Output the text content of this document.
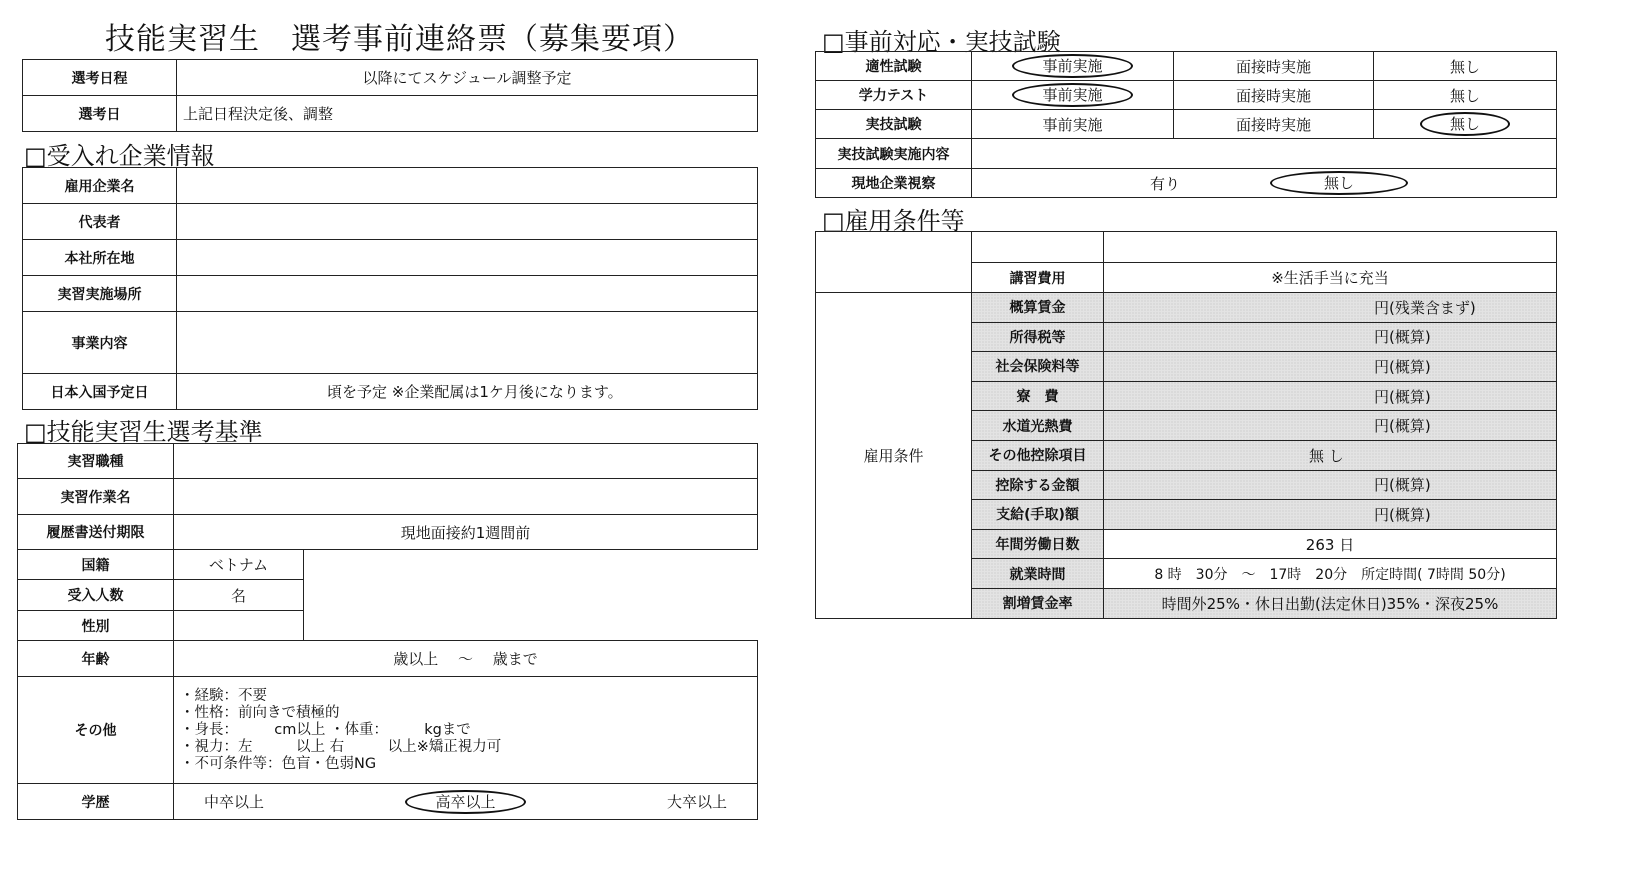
技能実習生　選考事前連絡票（募集要項）
選考日程	以降にてスケジュール調整予定
選考日	上記日程決定後、調整
□受入れ企業情報
雇用企業名	
代表者	
本社所在地	
実習実施場所	
事業内容	
日本入国予定日	頃を予定 ※企業配属は1ケ月後になります。
□技能実習生選考基準
実習職種		
実習作業名		
履歴書送付期限	現地面接約1週間前	
国籍	ベトナム	
受入人数	名	
性別		
年齢	歳以上　 ～　 歳まで	
その他	・経験：不要
・性格：前向きで積極的
・身長：　　　cm以上 ・体重：　　　kgまで
・視力：左　　　以上 右　　　以上※矯正視力可
・不可条件等：色盲・色弱NG	

学歴	中卒以上 高卒以上 大卒以上	
□事前対応・実技試験
適性試験	事前実施	面接時実施	無し
学力テスト	事前実施	面接時実施	無し
実技試験	事前実施	面接時実施	無し
実技試験実施内容			
現地企業視察	有り 無し		
□雇用条件等

	講習費用	※生活手当に充当
雇用条件	概算賃金	円(残業含まず)
	所得税等	円(概算)
	社会保険料等	円(概算)
	寮　費	円(概算)
	水道光熱費	円(概算)
	その他控除項目	無 し
	控除する金額	円(概算)
	支給(手取)額	円(概算)
	年間労働日数	263 日
	就業時間	8 時　30分　～　17時　20分　所定時間( 7時間 50分)
	割増賃金率	時間外25%・休日出勤(法定休日)35%・深夜25%
